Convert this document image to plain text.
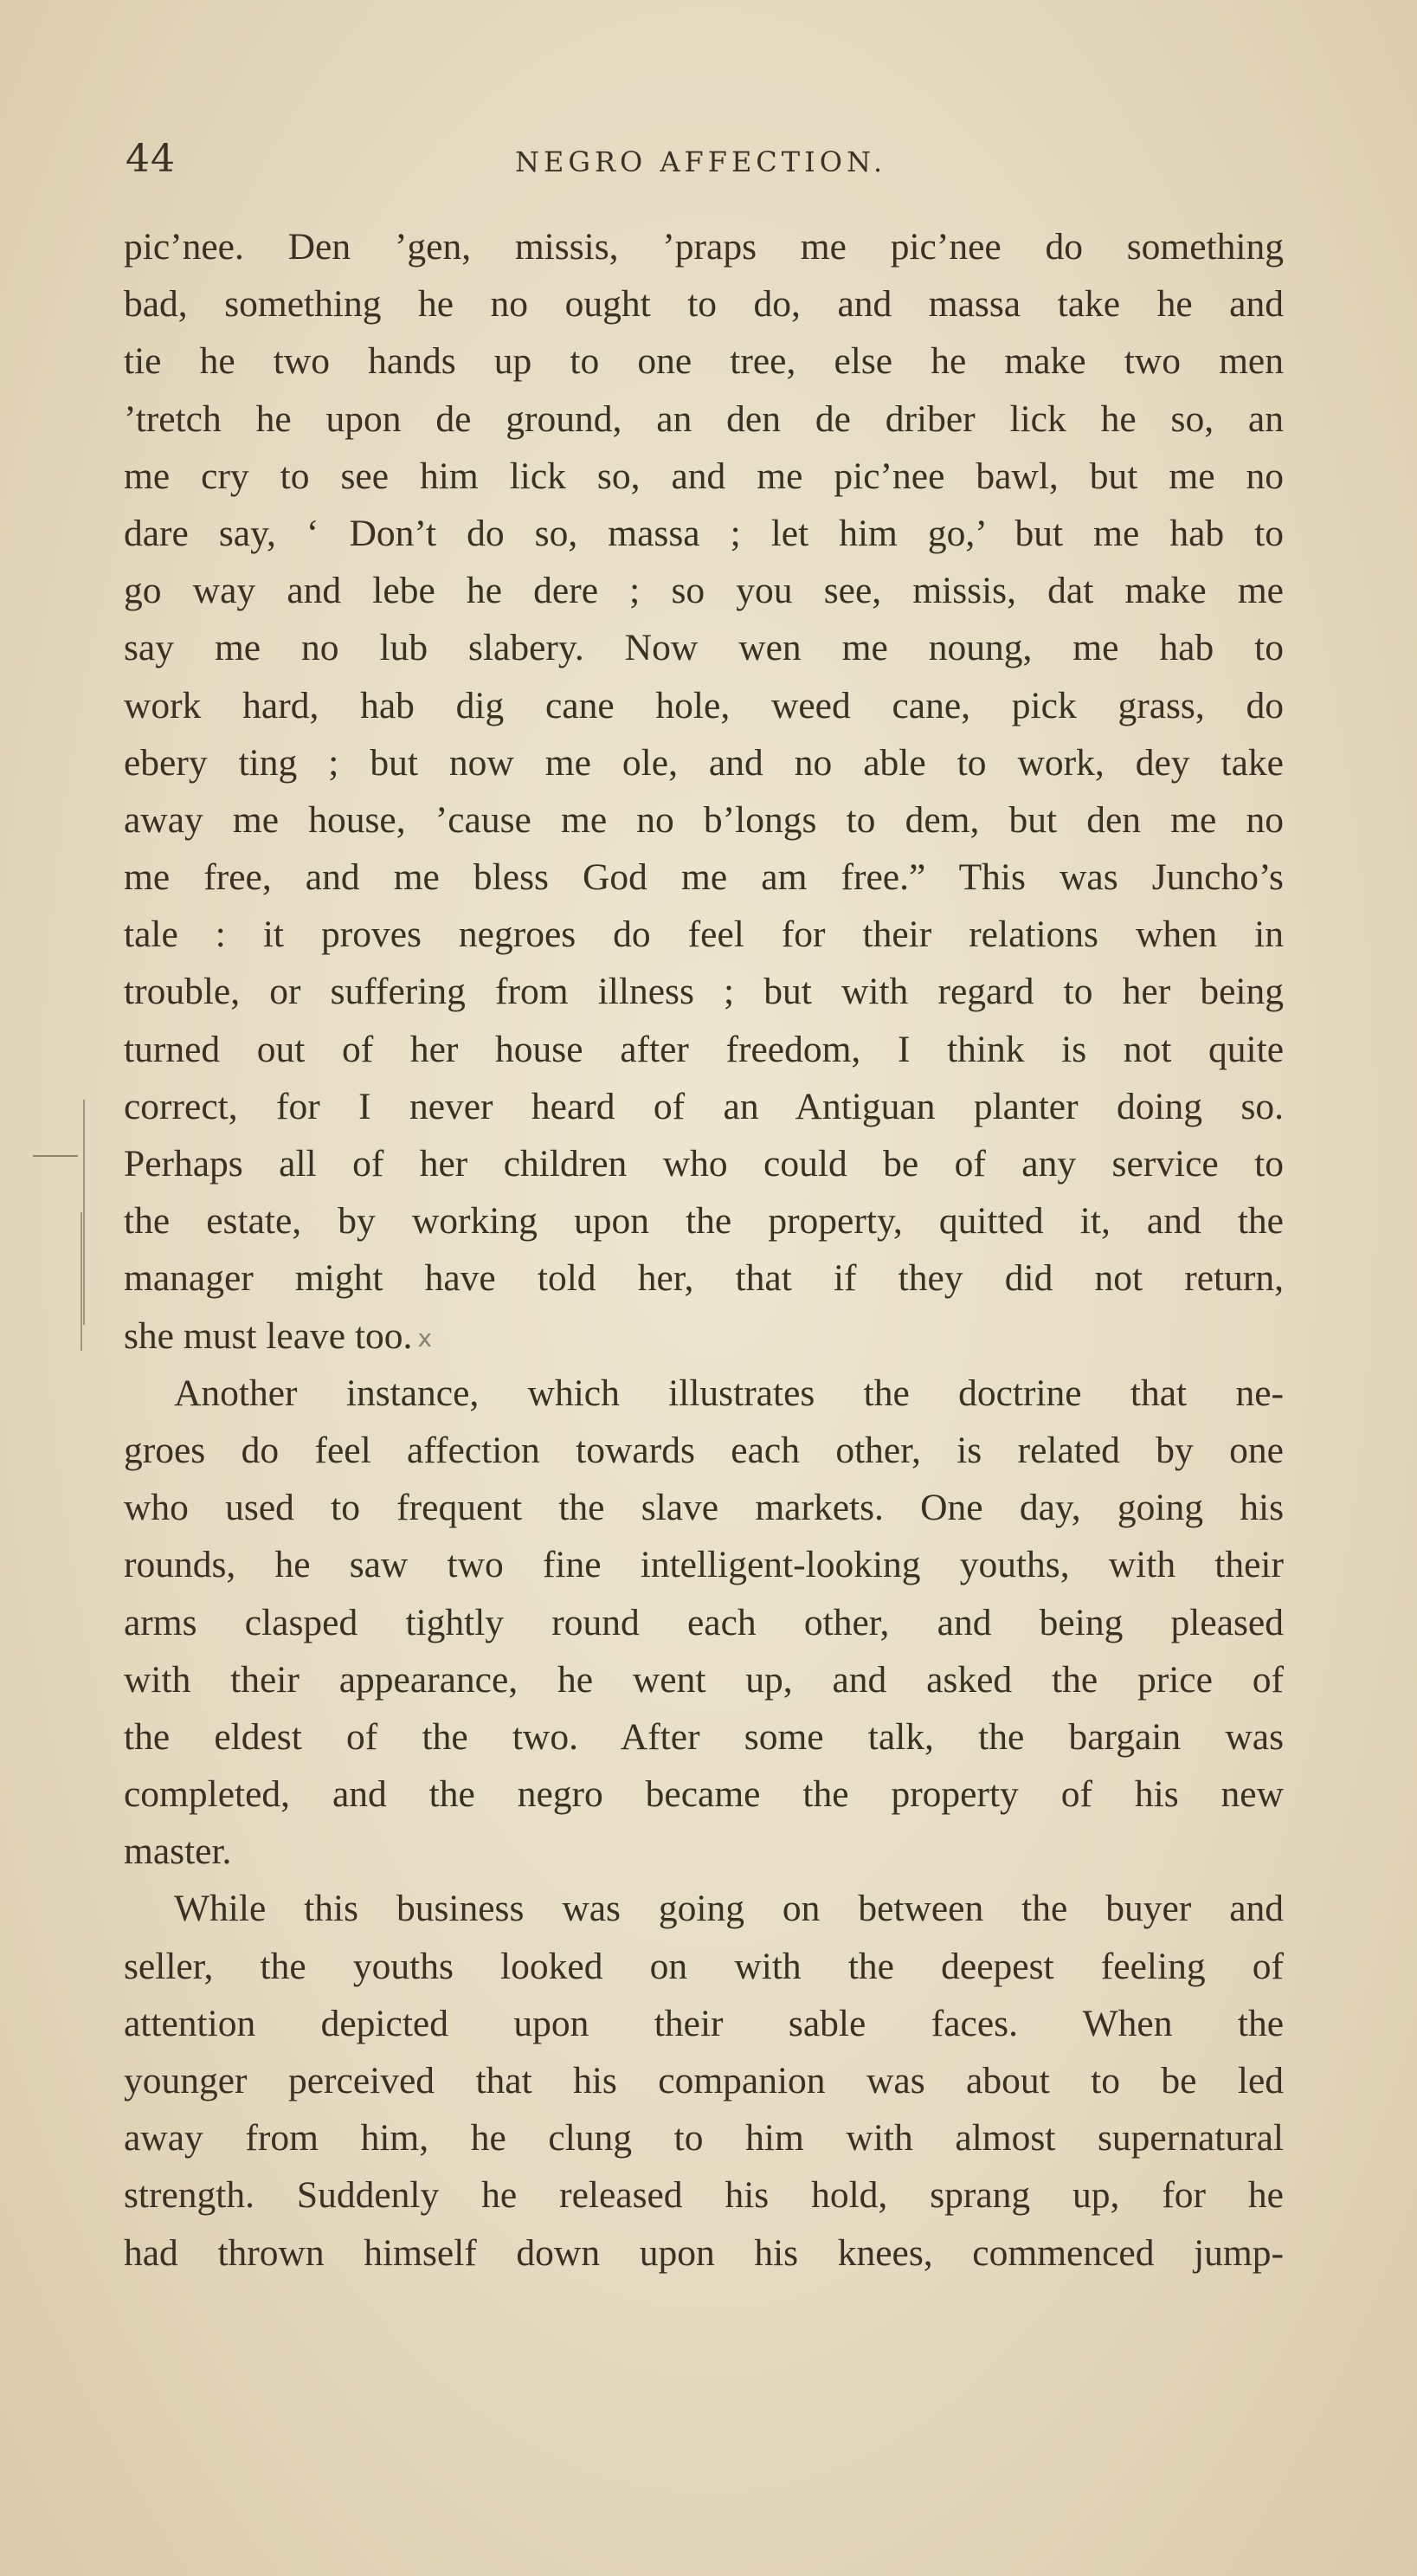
44	NEGRO AFFECTION.
pic’nee. Den ’gen, missis, ’praps me pic’nee do something
bad, something he no ought to do, and massa take he and
tie he two hands up to one tree, else he make two men
’tretch he upon de ground, an den de driber lick he so, an
me cry to see him lick so, and me pic’nee bawl, but me no
dare say, ‘ Don’t do so, massa ; let him go,’ but me hab to
go way and lebe he dere ; so you see, missis, dat make me
say me no lub slabery. Now wen me noung, me hab to
work hard, hab dig cane hole, weed cane, pick grass, do
ebery ting ; but now me ole, and no able to work, dey take
away me house, ’cause me no b’longs to dem, but den me no
me free, and me bless God me am free.” This was Juncho’s
tale : it proves negroes do feel for their relations when in
trouble, or suffering from illness ; but with regard to her being
turned out of her house after freedom, I think is not quite
correct, for I never heard of an Antiguan planter doing so.
Perhaps all of her children who could be of any service to
the estate, by working upon the property, quitted it, and the
manager might have told her, that if they did not return,
she must leave too. x
Another instance, which illustrates the doctrine that ne-
groes do feel affection towards each other, is related by one
who used to frequent the slave markets. One day, going his
rounds, he saw two fine intelligent-looking youths, with their
arms clasped tightly round each other, and being pleased
with their appearance, he went up, and asked the price of
the eldest of the two. After some talk, the bargain was
completed, and the negro became the property of his new
master.
While this business was going on between the buyer and
seller, the youths looked on with the deepest feeling of
attention depicted upon their sable faces. When the
younger perceived that his companion was about to be led
away from him, he clung to him with almost supernatural
strength. Suddenly he released his hold, sprang up, for he
had thrown himself down upon his knees, commenced jump-
